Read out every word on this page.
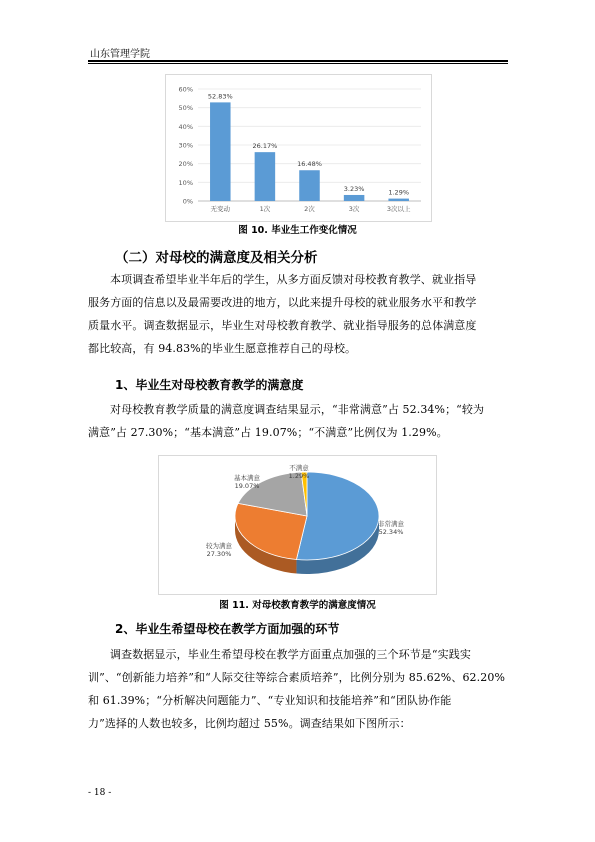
山东管理学院
0%
10%
20%
30%
40%
50%
60%
52.83%
无变动
26.17%
1次
16.48%
2次
3.23%
3次
1.29%
3次以上
图 10. 毕业生工作变化情况
（二）对母校的满意度及相关分析
本项调查希望毕业半年后的学生，从多方面反馈对母校教育教学、就业指导
服务方面的信息以及最需要改进的地方，以此来提升母校的就业服务水平和教学
质量水平。调查数据显示，毕业生对母校教育教学、就业指导服务的总体满意度
都比较高，有 94.83%的毕业生愿意推荐自己的母校。
1、毕业生对母校教育教学的满意度
对母校教育教学质量的满意度调查结果显示，“非常满意”占 52.34%；“较为
满意”占 27.30%；“基本满意”占 19.07%；“不满意”比例仅为 1.29%。
非常满意
52.34%
较为满意
27.30%
基本满意
19.07%
不满意
1.29%
图 11. 对母校教育教学的满意度情况
2、毕业生希望母校在教学方面加强的环节
调查数据显示，毕业生希望母校在教学方面重点加强的三个环节是“实践实
训”、“创新能力培养”和“人际交往等综合素质培养”，比例分别为 85.62%、62.20%
和 61.39%；“分析解决问题能力”、“专业知识和技能培养”和“团队协作能
力”选择的人数也较多，比例均超过 55%。调查结果如下图所示：
- 18 -
